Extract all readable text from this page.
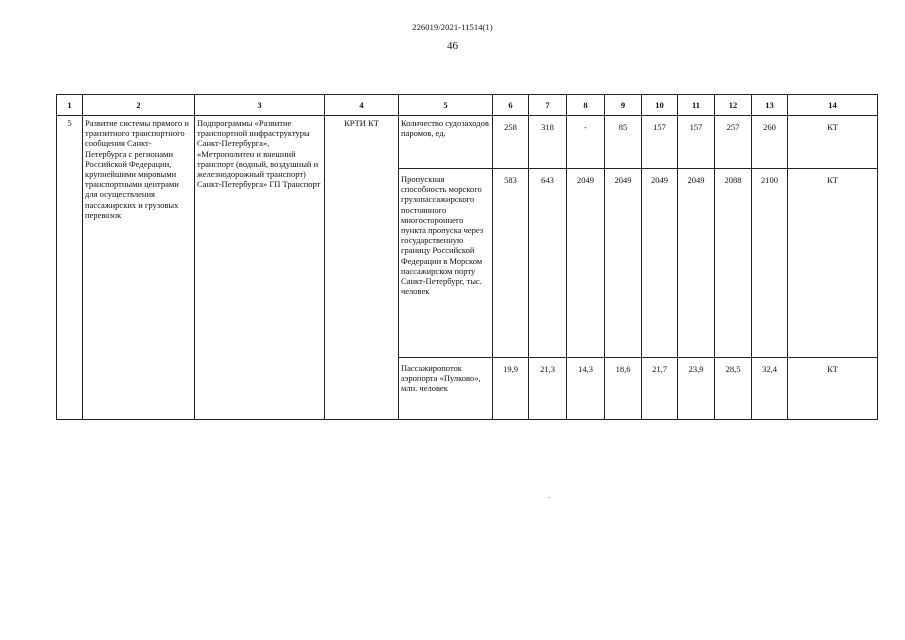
226019/2021-11514(1)
46
1	2	3	4	5	6	7	8	9	10	11	12	13	14
5	Развитие системы прямого и транзитного транспортного сообщения Санкт-Петербурга с регионами Российской Федерации, крупнейшими мировыми транспортными центрами для осуществления пассажирских и грузовых перевозок	Подпрограммы «Развитие транспортной инфраструктуры Санкт-Петербурга», «Метрополитен и внешний транспорт (водный, воздушный и железнодорожный транспорт) Санкт-Петербурга» ГП Транспорт	КРТИ КТ	Количество судозаходов паромов, ед.	258	318	-	85	157	157	257	260	КТ
				Пропускная способность морского грузопассажирского постоянного многостороннего пункта пропуска через государственную границу Российской Федерации в Морском пассажирском порту Санкт-Петербург, тыс. человек	583	643	2049	2049	2049	2049	2088	2100	КТ
				Пассажиропоток аэропорта «Пулково», млн. человек	19,9	21,3	14,3	18,6	21,7	23,9	28,5	32,4	КТ
